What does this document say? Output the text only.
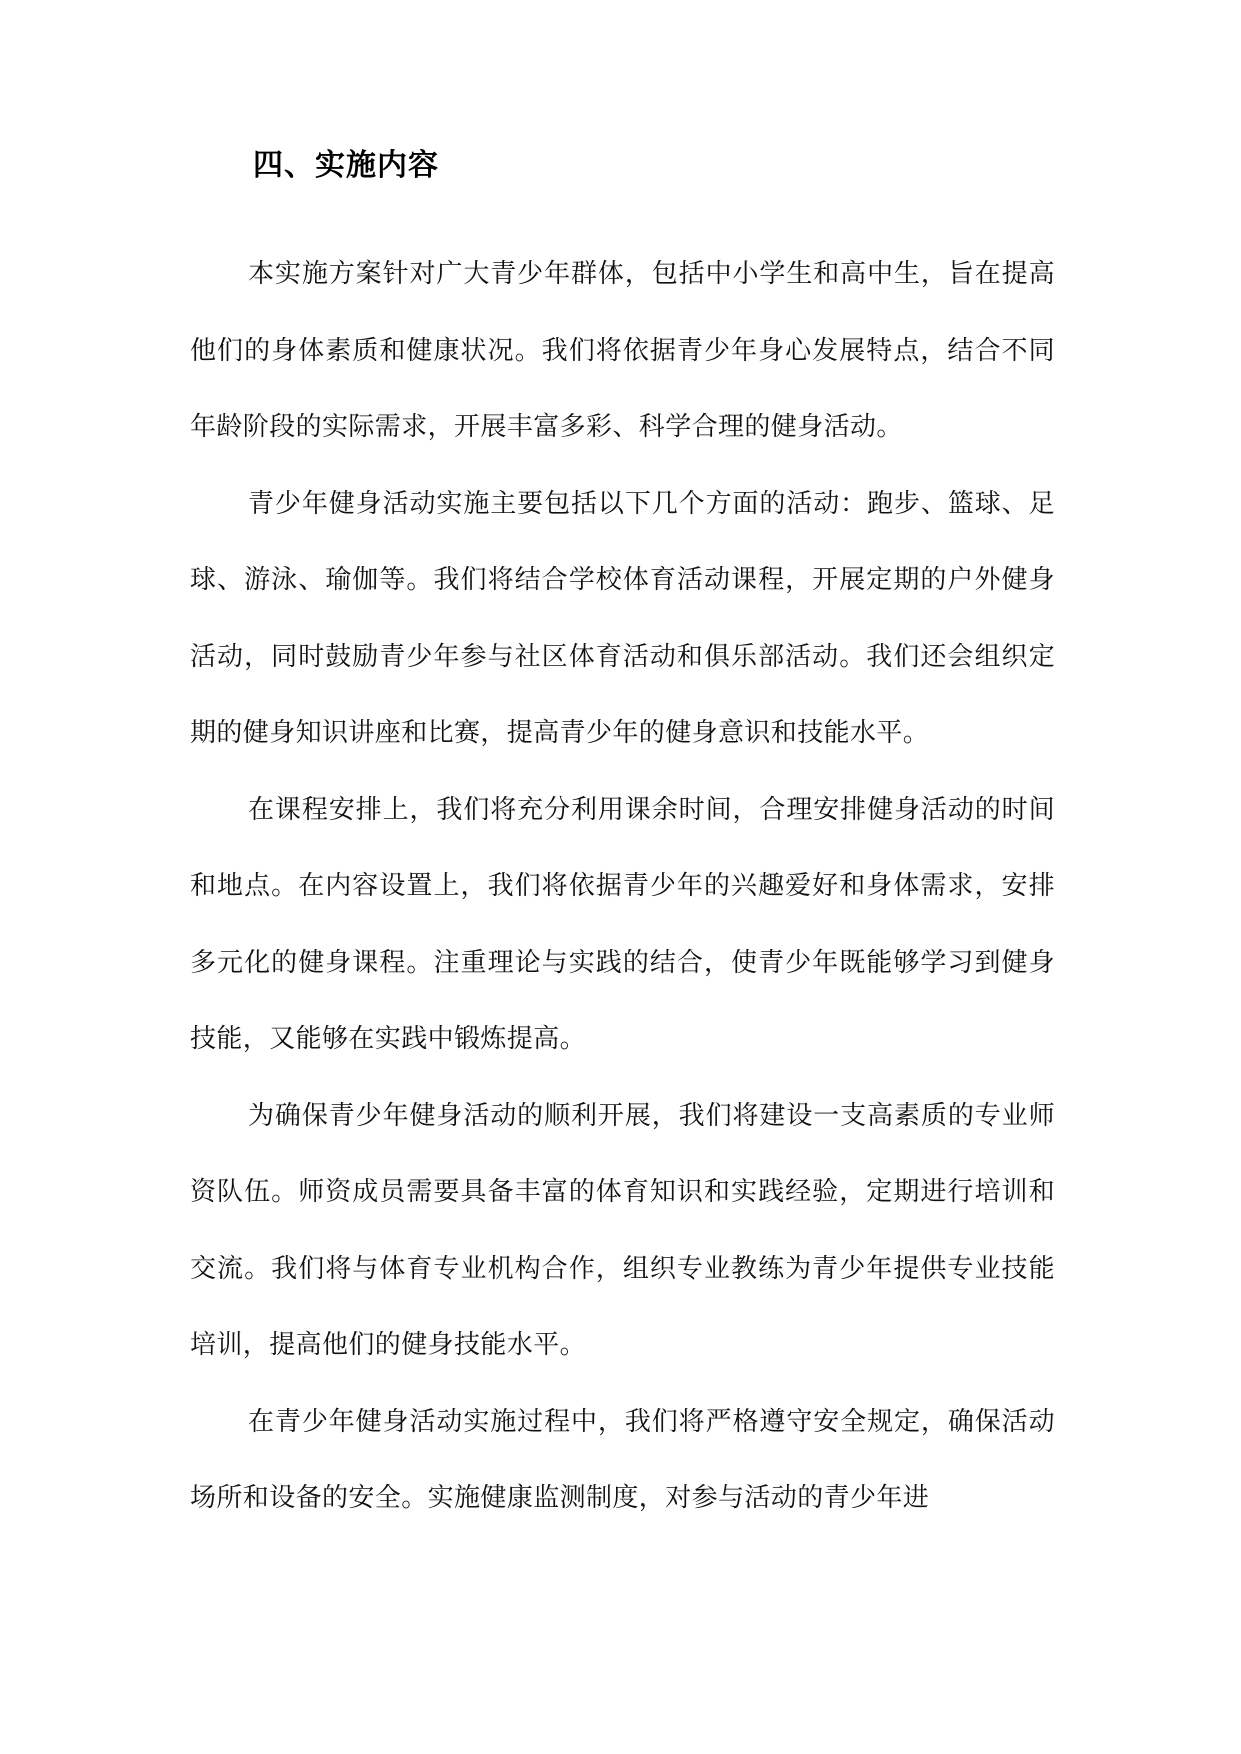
四、实施内容

本实施方案针对广大青少年群体，包括中小学生和高中生，旨在提高他们的身体素质和健康状况。我们将依据青少年身心发展特点，结合不同年龄阶段的实际需求，开展丰富多彩、科学合理的健身活动。

青少年健身活动实施主要包括以下几个方面的活动：跑步、篮球、足球、游泳、瑜伽等。我们将结合学校体育活动课程，开展定期的户外健身活动，同时鼓励青少年参与社区体育活动和俱乐部活动。我们还会组织定期的健身知识讲座和比赛，提高青少年的健身意识和技能水平。

在课程安排上，我们将充分利用课余时间，合理安排健身活动的时间和地点。在内容设置上，我们将依据青少年的兴趣爱好和身体需求，安排多元化的健身课程。注重理论与实践的结合，使青少年既能够学习到健身技能，又能够在实践中锻炼提高。

为确保青少年健身活动的顺利开展，我们将建设一支高素质的专业师资队伍。师资成员需要具备丰富的体育知识和实践经验，定期进行培训和交流。我们将与体育专业机构合作，组织专业教练为青少年提供专业技能培训，提高他们的健身技能水平。

在青少年健身活动实施过程中，我们将严格遵守安全规定，确保活动场所和设备的安全。实施健康监测制度，对参与活动的青少年进
